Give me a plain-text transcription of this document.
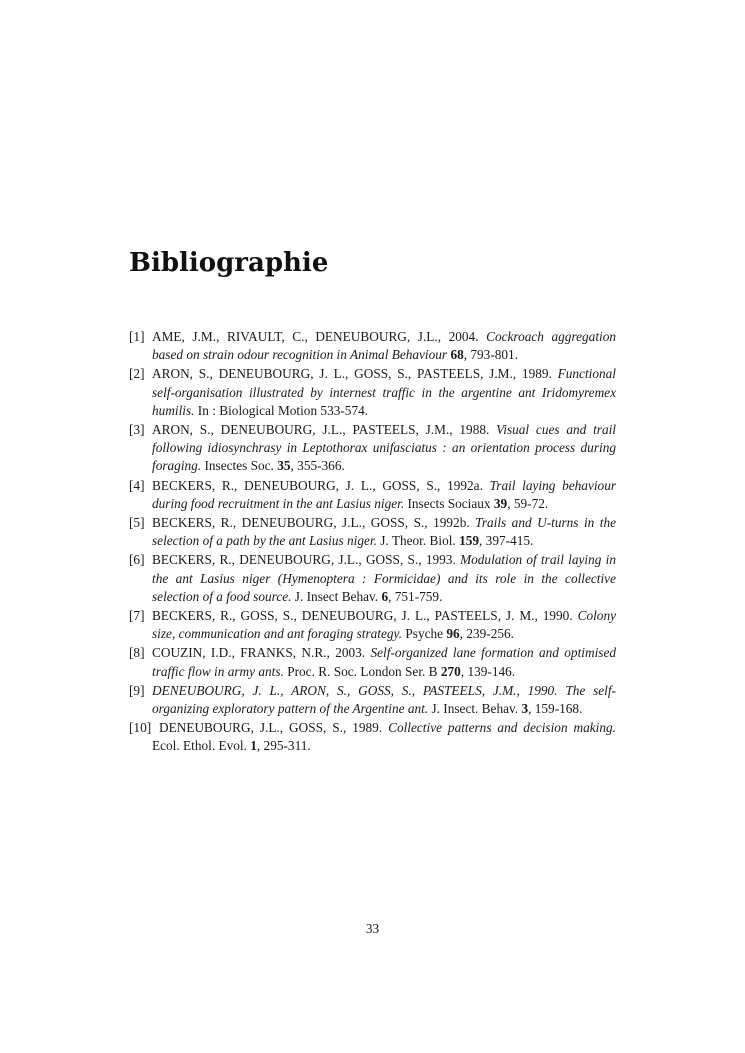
Bibliographie
[1] AME, J.M., RIVAULT, C., DENEUBOURG, J.L., 2004. Cockroach aggregation based on strain odour recognition in Animal Behaviour 68, 793-801.
[2] ARON, S., DENEUBOURG, J. L., GOSS, S., PASTEELS, J.M., 1989. Functional self-organisation illustrated by internest traffic in the argentine ant Iridomyremex humilis. In : Biological Motion 533-574.
[3] ARON, S., DENEUBOURG, J.L., PASTEELS, J.M., 1988. Visual cues and trail following idiosynchrasy in Leptothorax unifasciatus : an orientation process during foraging. Insectes Soc. 35, 355-366.
[4] BECKERS, R., DENEUBOURG, J. L., GOSS, S., 1992a. Trail laying behaviour during food recruitment in the ant Lasius niger. Insects Sociaux 39, 59-72.
[5] BECKERS, R., DENEUBOURG, J.L., GOSS, S., 1992b. Trails and U-turns in the selection of a path by the ant Lasius niger. J. Theor. Biol. 159, 397-415.
[6] BECKERS, R., DENEUBOURG, J.L., GOSS, S., 1993. Modulation of trail laying in the ant Lasius niger (Hymenoptera : Formicidae) and its role in the collective selection of a food source. J. Insect Behav. 6, 751-759.
[7] BECKERS, R., GOSS, S., DENEUBOURG, J. L., PASTEELS, J. M., 1990. Colony size, communication and ant foraging strategy. Psyche 96, 239-256.
[8] COUZIN, I.D., FRANKS, N.R., 2003. Self-organized lane formation and optimised traffic flow in army ants. Proc. R. Soc. London Ser. B 270, 139-146.
[9] DENEUBOURG, J. L., ARON, S., GOSS, S., PASTEELS, J.M., 1990. The self-organizing exploratory pattern of the Argentine ant. J. Insect. Behav. 3, 159-168.
[10] DENEUBOURG, J.L., GOSS, S., 1989. Collective patterns and decision making. Ecol. Ethol. Evol. 1, 295-311.
33
